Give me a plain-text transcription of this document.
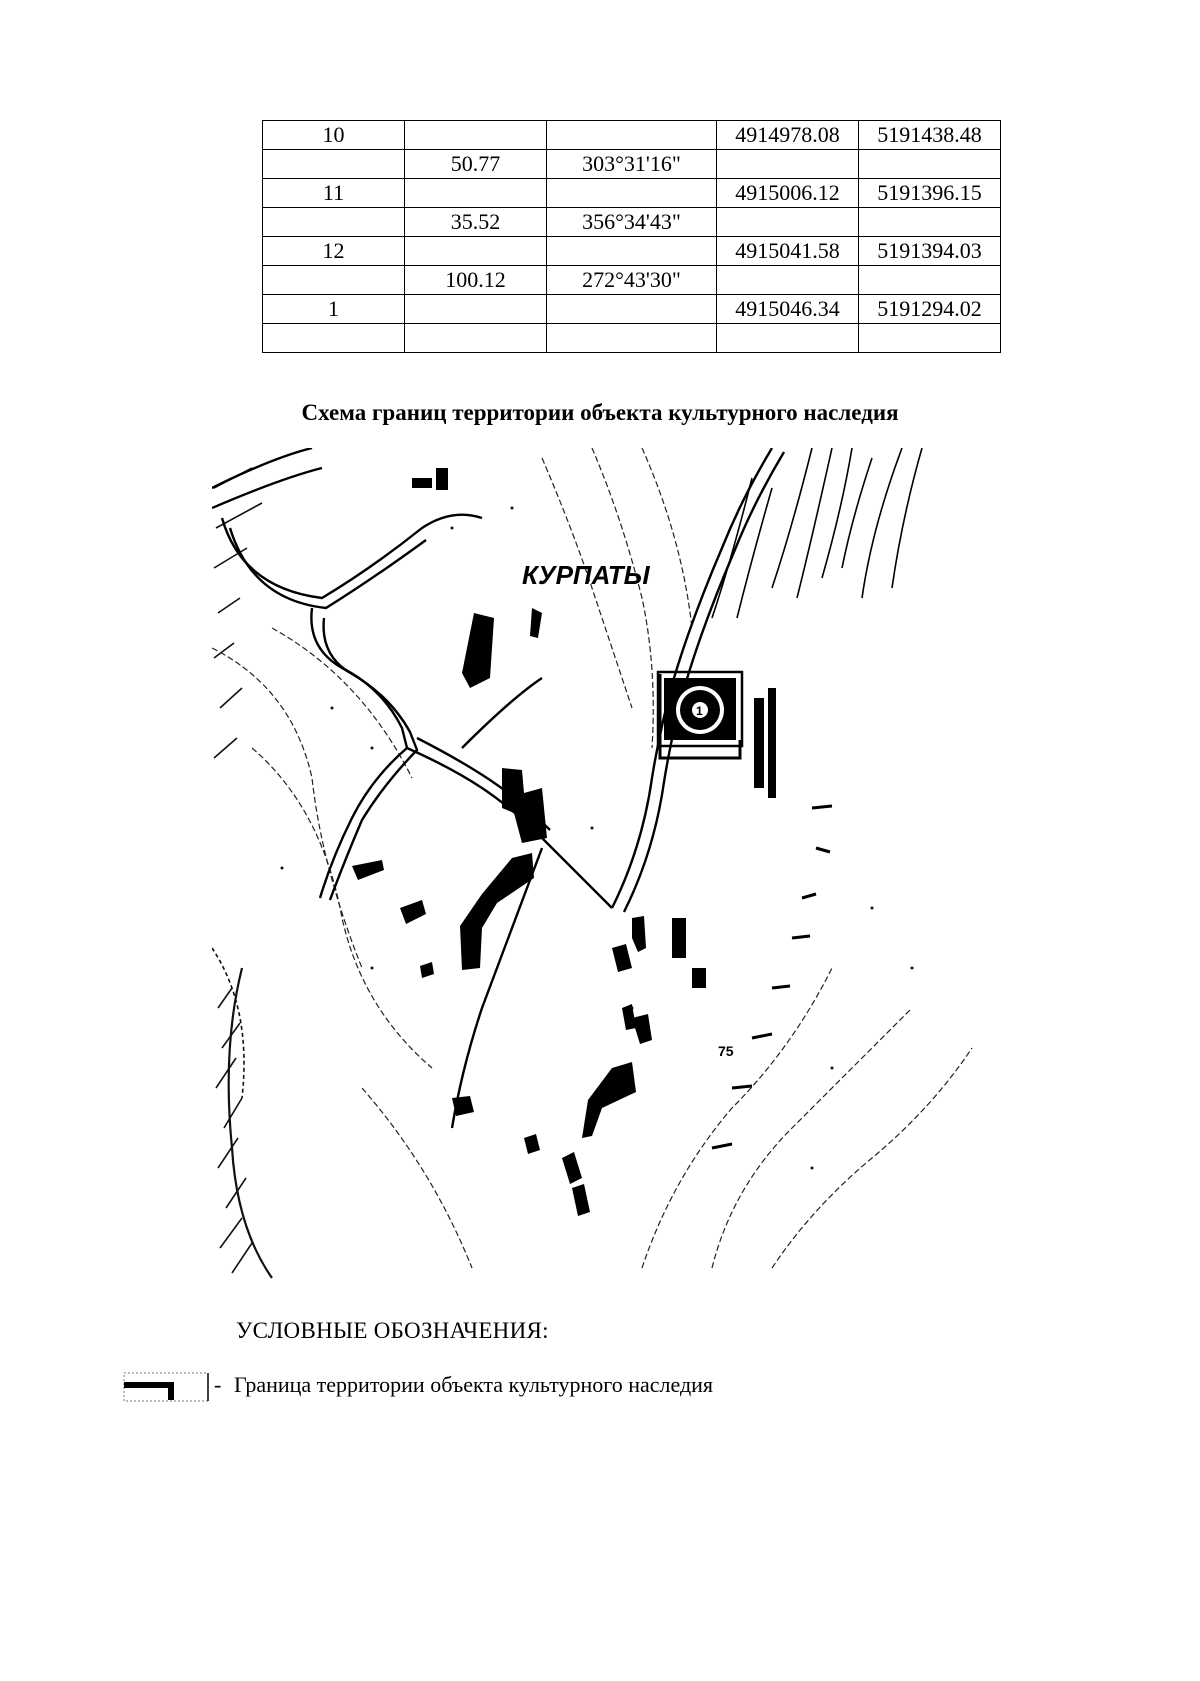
10			4914978.08	5191438.48
	50.77	303°31'16"		
11			4915006.12	5191396.15
	35.52	356°34'43"		
12			4915041.58	5191394.03
	100.12	272°43'30"		
1			4915046.34	5191294.02

Схема границ территории объекта культурного наследия
КУРПАТЫ
1
75
УСЛОВНЫЕ ОБОЗНАЧЕНИЯ:
- Граница территории объекта культурного наследия
